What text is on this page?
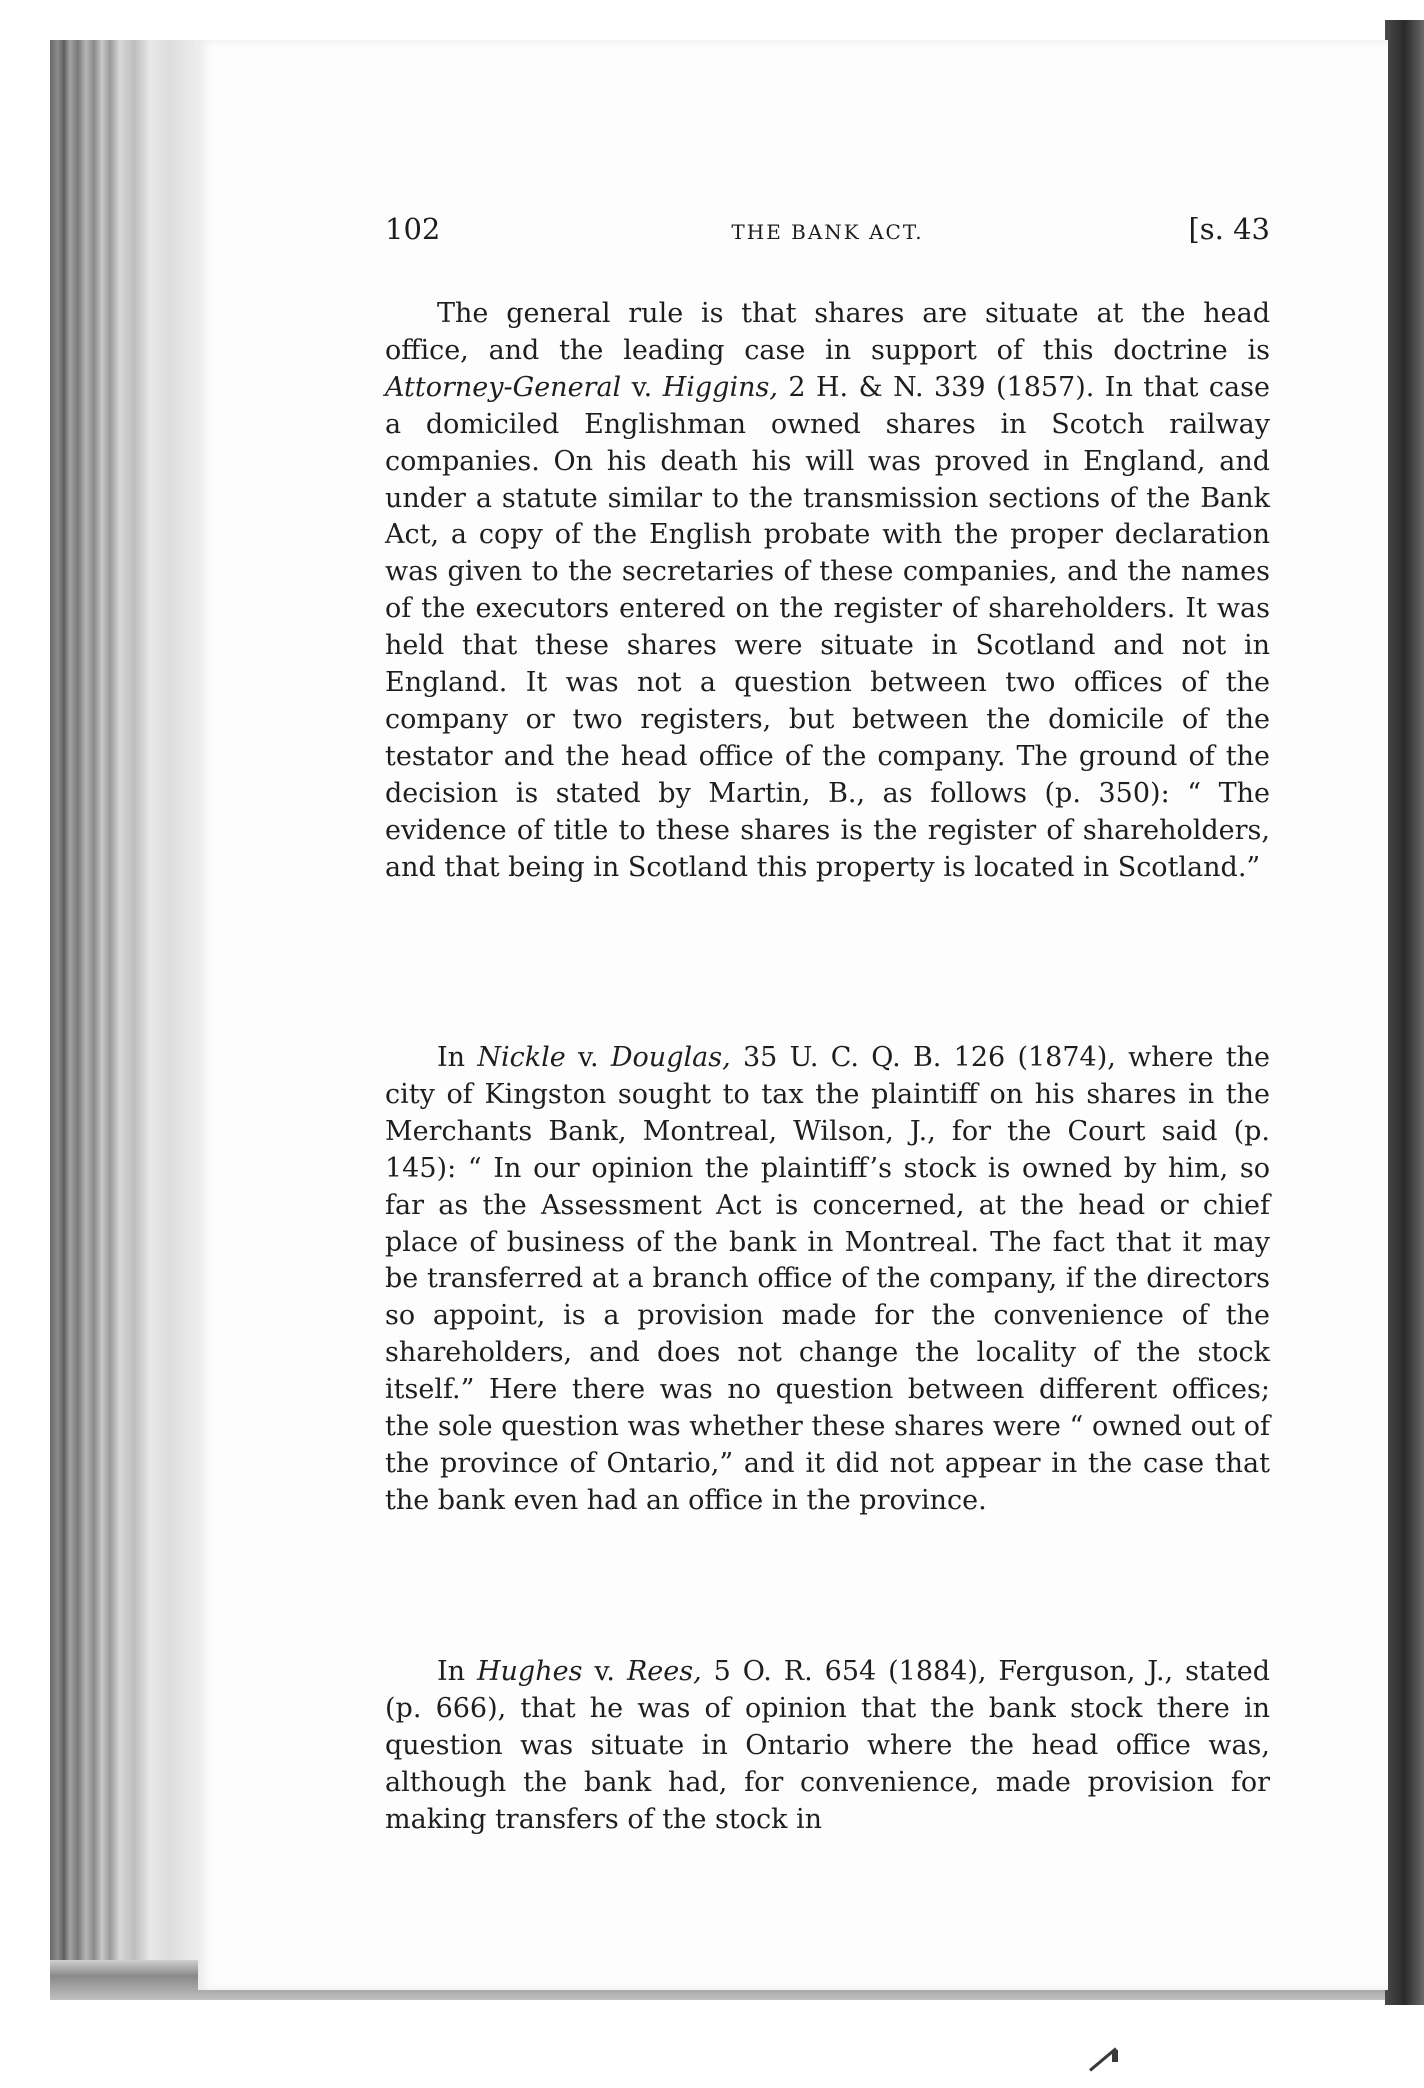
102	THE BANK ACT.	[s. 43

The general rule is that shares are situate at the head office, and the leading case in support of this doctrine is Attorney-General v. Higgins, 2 H. & N. 339 (1857). In that case a domiciled Englishman owned shares in Scotch railway companies. On his death his will was proved in England, and under a statute similar to the transmission sections of the Bank Act, a copy of the English probate with the proper declaration was given to the secretaries of these companies, and the names of the executors entered on the register of shareholders. It was held that these shares were situate in Scotland and not in England. It was not a question between two offices of the company or two registers, but between the domicile of the testator and the head office of the company. The ground of the decision is stated by Martin, B., as follows (p. 350): “ The evidence of title to these shares is the register of shareholders, and that being in Scotland this property is located in Scotland.”

In Nickle v. Douglas, 35 U. C. Q. B. 126 (1874), where the city of Kingston sought to tax the plaintiff on his shares in the Merchants Bank, Montreal, Wilson, J., for the Court said (p. 145): “ In our opinion the plaintiff’s stock is owned by him, so far as the Assessment Act is concerned, at the head or chief place of business of the bank in Montreal. The fact that it may be transferred at a branch office of the company, if the directors so appoint, is a provision made for the convenience of the shareholders, and does not change the locality of the stock itself.” Here there was no question between different offices; the sole question was whether these shares were “ owned out of the province of Ontario,” and it did not appear in the case that the bank even had an office in the province.

In Hughes v. Rees, 5 O. R. 654 (1884), Ferguson, J., stated (p. 666), that he was of opinion that the bank stock there in question was situate in Ontario where the head office was, although the bank had, for convenience, made provision for making transfers of the stock in
